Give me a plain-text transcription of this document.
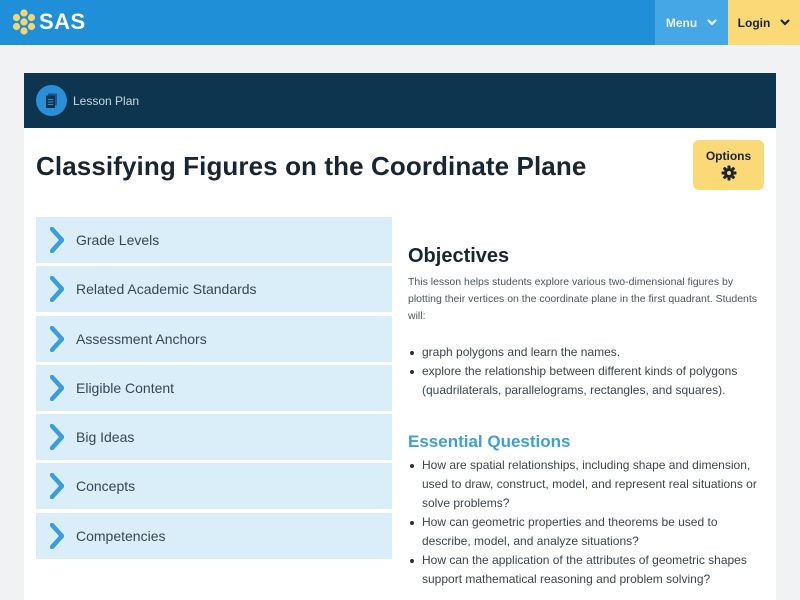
SAS	Menu	Login
Lesson Plan
Classifying Figures on the Coordinate Plane	Options
Grade Levels
Related Academic Standards
Assessment Anchors
Eligible Content
Big Ideas
Concepts
Competencies
Objectives

This lesson helps students explore various two-dimensional figures by plotting their vertices on the coordinate plane in the first quadrant. Students will:

graph polygons and learn the names.
explore the relationship between different kinds of polygons (quadrilaterals, parallelograms, rectangles, and squares).
Essential Questions
How are spatial relationships, including shape and dimension, used to draw, construct, model, and represent real situations or solve problems?
How can geometric properties and theorems be used to describe, model, and analyze situations?
How can the application of the attributes of geometric shapes support mathematical reasoning and problem solving?
